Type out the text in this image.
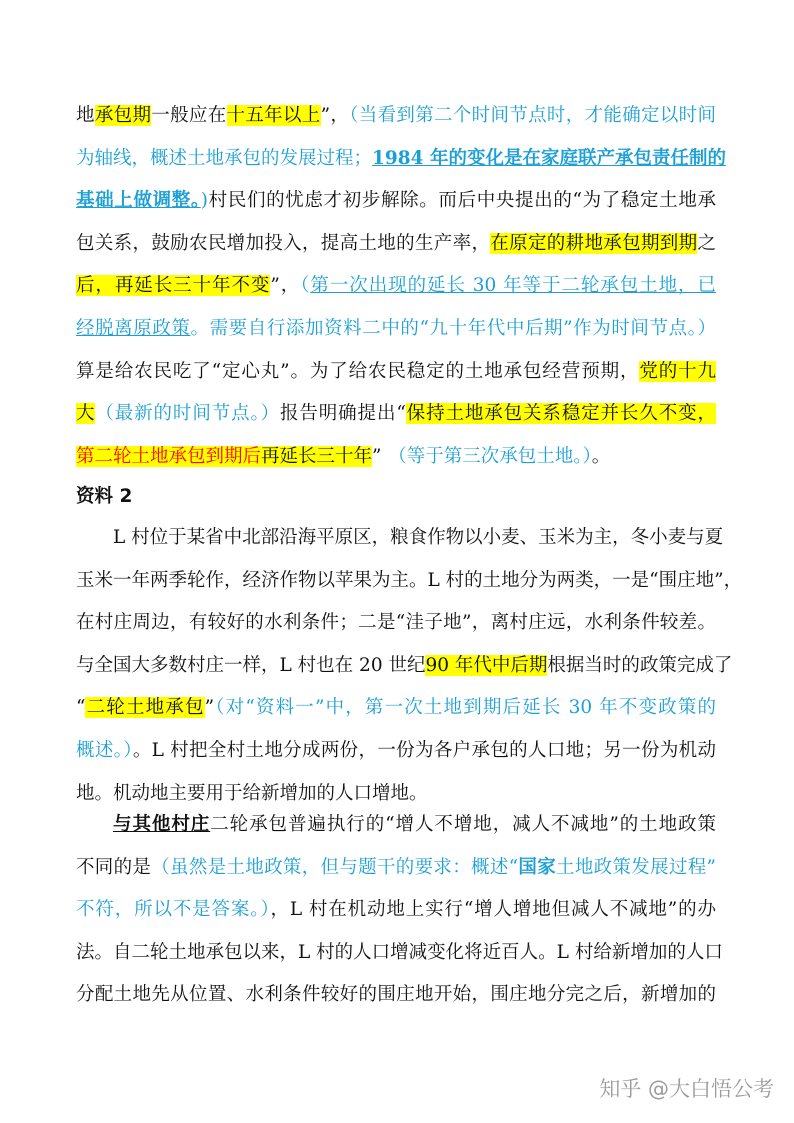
地承包期一般应在十五年以上”，（当看到第二个时间节点时，才能确定以时间
为轴线，概述土地承包的发展过程；1984 年的变化是在家庭联产承包责任制的
基础上做调整。)村民们的忧虑才初步解除。而后中央提出的“为了稳定土地承
包关系，鼓励农民增加投入，提高土地的生产率，在原定的耕地承包期到期之
后，再延长三十年不变”，（第一次出现的延长 30 年等于二轮承包土地，已
经脱离原政策。需要自行添加资料二中的“九十年代中后期”作为时间节点。）
算是给农民吃了“定心丸”。为了给农民稳定的土地承包经营预期，党的十九
大（最新的时间节点。）报告明确提出“保持土地承包关系稳定并长久不变，
第二轮土地承包到期后再延长三十年” （等于第三次承包土地。）。
资料 2
L 村位于某省中北部沿海平原区，粮食作物以小麦、玉米为主，冬小麦与夏
玉米一年两季轮作，经济作物以苹果为主。L 村的土地分为两类，一是“围庄地”，
在村庄周边，有较好的水利条件；二是“洼子地”，离村庄远，水利条件较差。
与全国大多数村庄一样，L 村也在 20 世纪90 年代中后期根据当时的政策完成了
“二轮土地承包”（对“资料一”中，第一次土地到期后延长 30 年不变政策的
概述。）。L 村把全村土地分成两份，一份为各户承包的人口地；另一份为机动
地。机动地主要用于给新增加的人口增地。
与其他村庄二轮承包普遍执行的“增人不增地，减人不减地”的土地政策
不同的是（虽然是土地政策，但与题干的要求：概述“国家土地政策发展过程”
不符，所以不是答案。），L 村在机动地上实行“增人增地但减人不减地”的办
法。自二轮土地承包以来，L 村的人口增减变化将近百人。L 村给新增加的人口
分配土地先从位置、水利条件较好的围庄地开始，围庄地分完之后，新增加的
知乎 @大白悟公考
